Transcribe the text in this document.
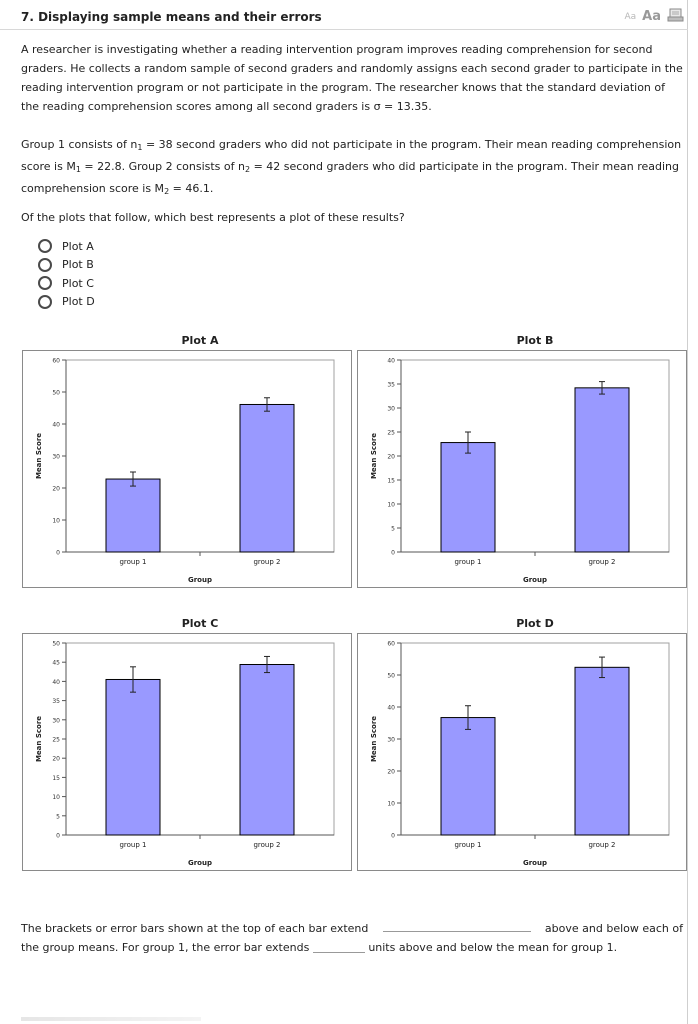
7. Displaying sample means and their errors	Aa Aa

A researcher is investigating whether a reading intervention program improves reading comprehension for second graders. He collects a random sample of second graders and randomly assigns each second grader to participate in the reading intervention program or not participate in the program. The researcher knows that the standard deviation of the reading comprehension scores among all second graders is σ = 13.35.

Group 1 consists of $n_1 = 38$ second graders who did not participate in the program. Their mean reading comprehension score is $M_1 = 22.8$. Group 2 consists of $n_2 = 42$ second graders who did participate in the program. Their mean reading comprehension score is $M_2 = 46.1$.

Of the plots that follow, which best represents a plot of these results?
Plot A
Plot B
Plot C
Plot D
Plot A
0
10
20
30
40
50
60
Mean Score
Group
group 1	group 2
Plot B
0
5
10
15
20
25
30
35
40
Mean Score
Group
group 1	group 2
Plot C
0
5
10
15
20
25
30
35
40
45
50
Mean Score
Group
group 1	group 2
Plot D
0
10
20
30
40
50
60
Mean Score
Group
group 1	group 2
The brackets or error bars shown at the top of each bar extend	above and below each of
the group means. For group 1, the error bar extends	units above and below the mean for group 1.
